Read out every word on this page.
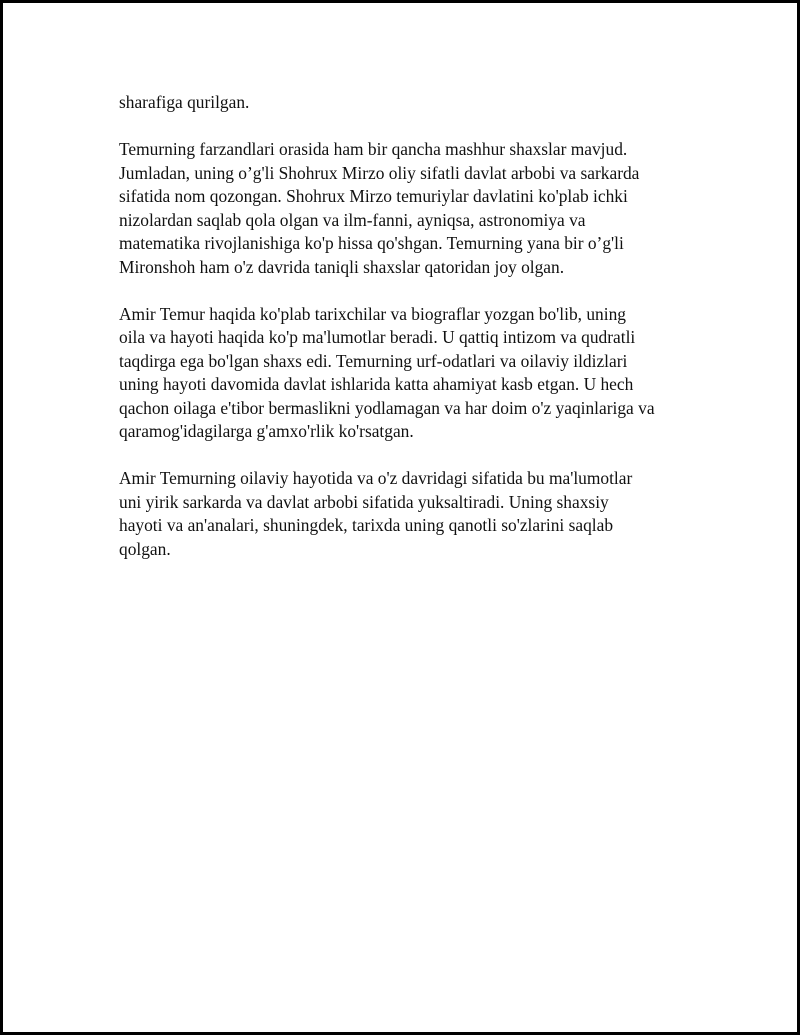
sharafiga qurilgan.

Temurning farzandlari orasida ham bir qancha mashhur shaxslar mavjud.
Jumladan, uning o’g'li Shohrux Mirzo oliy sifatli davlat arbobi va sarkarda
sifatida nom qozongan. Shohrux Mirzo temuriylar davlatini ko'plab ichki
nizolardan saqlab qola olgan va ilm-fanni, ayniqsa, astronomiya va
matematika rivojlanishiga ko'p hissa qo'shgan. Temurning yana bir o’g'li
Mironshoh ham o'z davrida taniqli shaxslar qatoridan joy olgan.

Amir Temur haqida ko'plab tarixchilar va biograflar yozgan bo'lib, uning
oila va hayoti haqida ko'p ma'lumotlar beradi. U qattiq intizom va qudratli
taqdirga ega bo'lgan shaxs edi. Temurning urf-odatlari va oilaviy ildizlari
uning hayoti davomida davlat ishlarida katta ahamiyat kasb etgan. U hech
qachon oilaga e'tibor bermaslikni yodlamagan va har doim o'z yaqinlariga va
qaramog'idagilarga g'amxo'rlik ko'rsatgan.

Amir Temurning oilaviy hayotida va o'z davridagi sifatida bu ma'lumotlar
uni yirik sarkarda va davlat arbobi sifatida yuksaltiradi. Uning shaxsiy
hayoti va an'analari, shuningdek, tarixda uning qanotli so'zlarini saqlab
qolgan.
